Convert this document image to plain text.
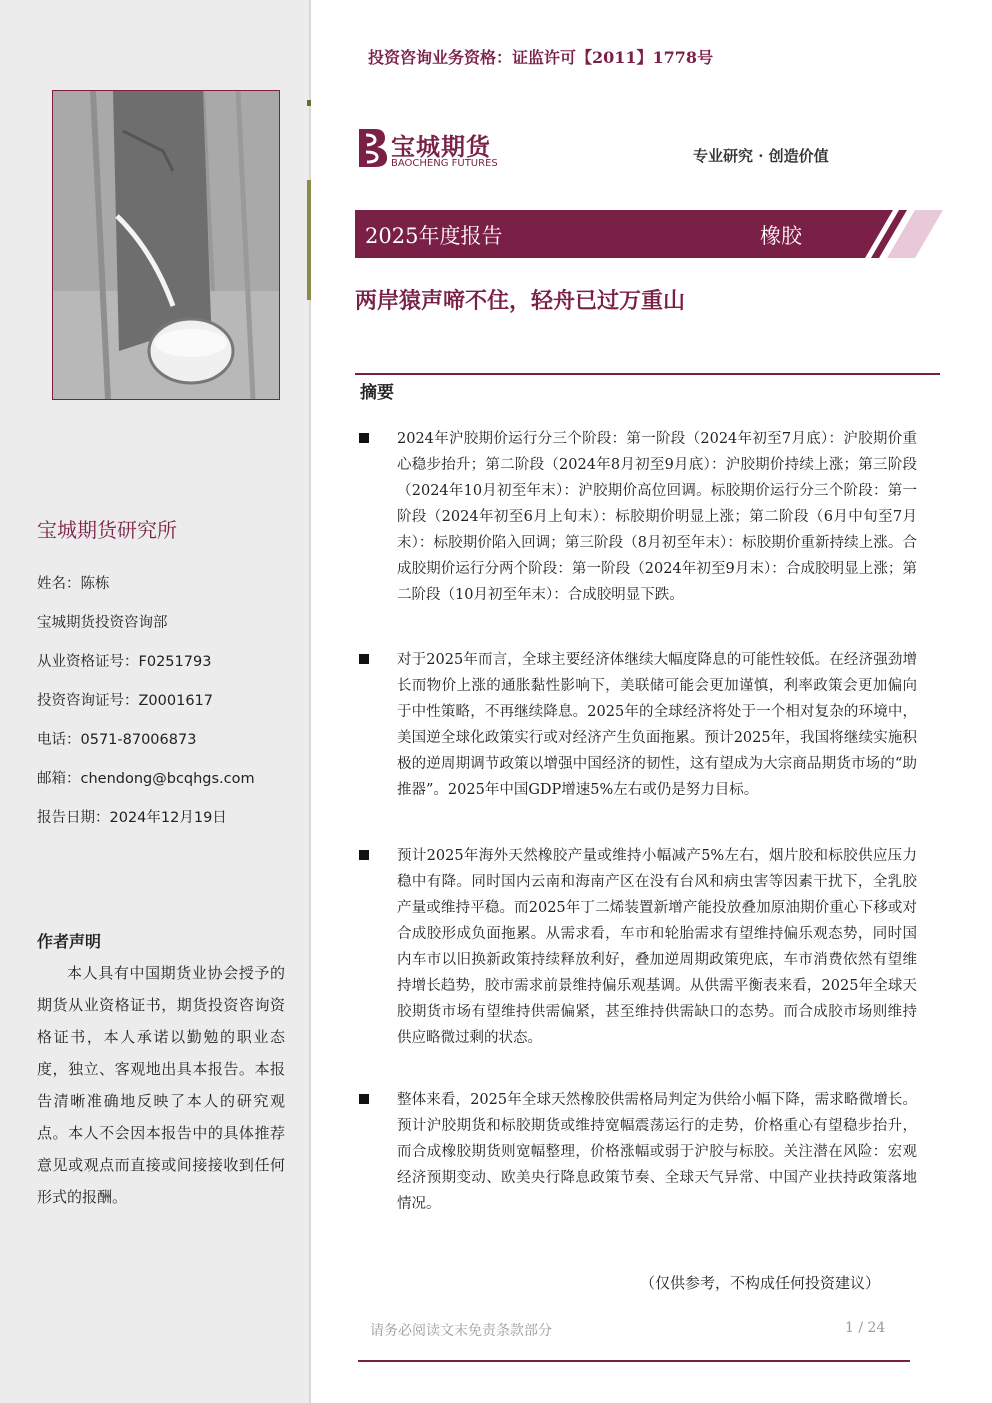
宝城期货研究所
姓名：陈栋
宝城期货投资咨询部
从业资格证号：F0251793
投资咨询证号：Z0001617
电话：0571-87006873
邮箱：chendong@bcqhgs.com
报告日期：2024年12月19日
作者声明
本人具有中国期货业协会授予的期货从业资格证书，期货投资咨询资格证书，本人承诺以勤勉的职业态度，独立、客观地出具本报告。本报告清晰准确地反映了本人的研究观点。本人不会因本报告中的具体推荐意见或观点而直接或间接接收到任何形式的报酬。
投资咨询业务资格：证监许可【2011】1778号
宝城期货
BAOCHENG FUTURES	专业研究 · 创造价值
2025年度报告	橡胶
两岸猿声啼不住，轻舟已过万重山
摘要
2024年沪胶期价运行分三个阶段：第一阶段（2024年初至7月底）：沪胶期价重心稳步抬升；第二阶段（2024年8月初至9月底）：沪胶期价持续上涨；第三阶段（2024年10月初至年末）：沪胶期价高位回调。标胶期价运行分三个阶段：第一阶段（2024年初至6月上旬末）：标胶期价明显上涨；第二阶段（6月中旬至7月末）：标胶期价陷入回调；第三阶段（8月初至年末）：标胶期价重新持续上涨。合成胶期价运行分两个阶段：第一阶段（2024年初至9月末）：合成胶明显上涨；第二阶段（10月初至年末）：合成胶明显下跌。
对于2025年而言，全球主要经济体继续大幅度降息的可能性较低。在经济强劲增长而物价上涨的通胀黏性影响下，美联储可能会更加谨慎，利率政策会更加偏向于中性策略，不再继续降息。2025年的全球经济将处于一个相对复杂的环境中，美国逆全球化政策实行或对经济产生负面拖累。预计2025年，我国将继续实施积极的逆周期调节政策以增强中国经济的韧性，这有望成为大宗商品期货市场的“助推器”。2025年中国GDP增速5%左右或仍是努力目标。
预计2025年海外天然橡胶产量或维持小幅减产5%左右，烟片胶和标胶供应压力稳中有降。同时国内云南和海南产区在没有台风和病虫害等因素干扰下，全乳胶产量或维持平稳。而2025年丁二烯装置新增产能投放叠加原油期价重心下移或对合成胶形成负面拖累。从需求看，车市和轮胎需求有望维持偏乐观态势，同时国内车市以旧换新政策持续释放利好，叠加逆周期政策兜底，车市消费依然有望维持增长趋势，胶市需求前景维持偏乐观基调。从供需平衡表来看，2025年全球天胶期货市场有望维持供需偏紧，甚至维持供需缺口的态势。而合成胶市场则维持供应略微过剩的状态。
整体来看，2025年全球天然橡胶供需格局判定为供给小幅下降，需求略微增长。预计沪胶期货和标胶期货或维持宽幅震荡运行的走势，价格重心有望稳步抬升，而合成橡胶期货则宽幅整理，价格涨幅或弱于沪胶与标胶。关注潜在风险：宏观经济预期变动、欧美央行降息政策节奏、全球天气异常、中国产业扶持政策落地情况。
（仅供参考，不构成任何投资建议）
请务必阅读文末免责条款部分	1 / 24
